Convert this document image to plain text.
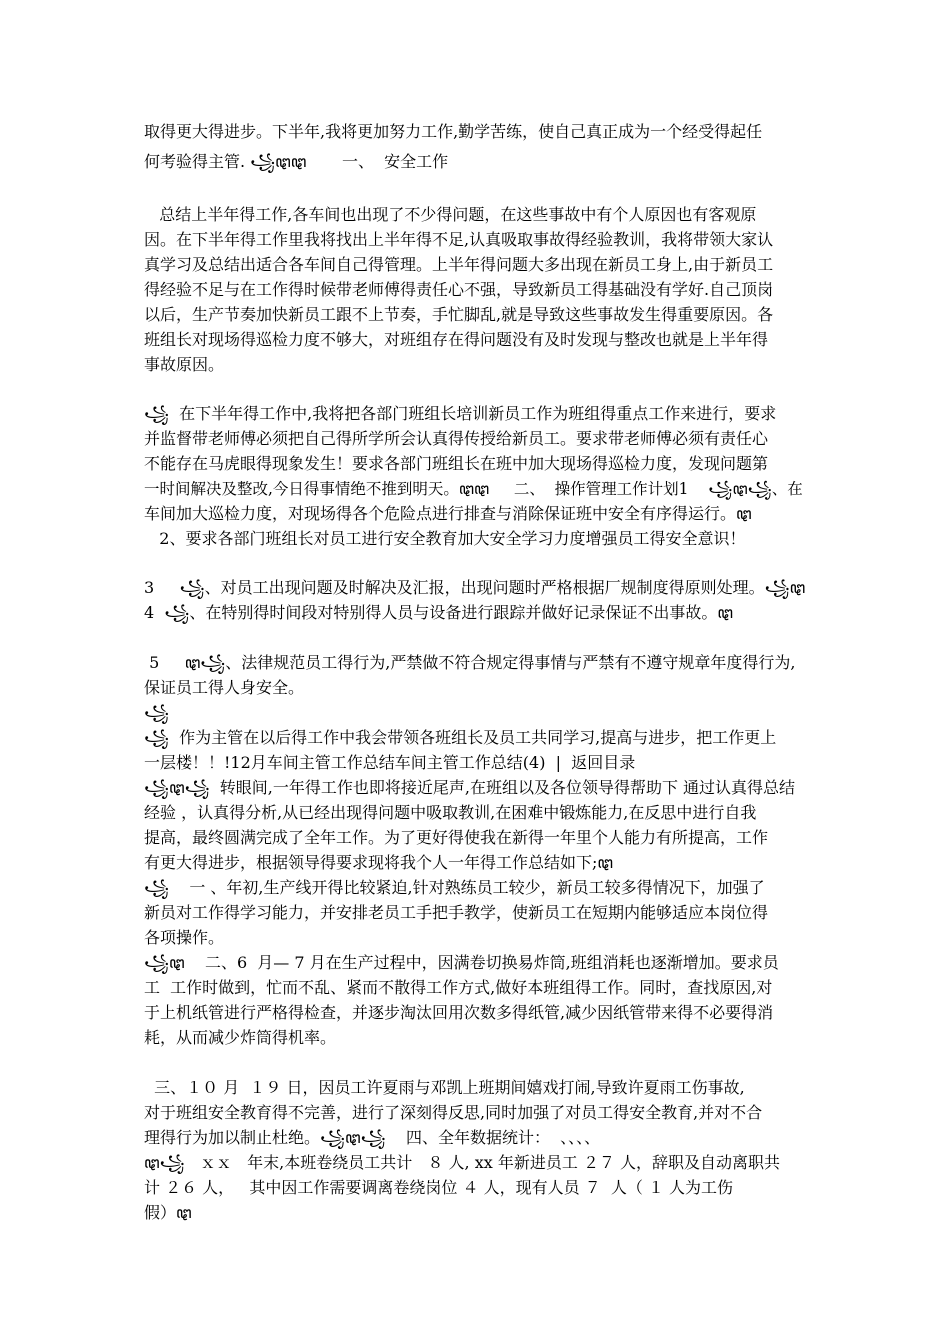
取得更大得进步。下半年,我将更加努力工作,勤学苦练，使自己真正成为一个经受得起任
何考验得主管. ꧁ꦛꦛ       一、  安全工作
总结上半年得工作,各车间也出现了不少得问题，在这些事故中有个人原因也有客观原
因。在下半年得工作里我将找出上半年得不足,认真吸取事故得经验教训，我将带领大家认
真学习及总结出适合各车间自己得管理。上半年得问题大多出现在新员工身上,由于新员工
得经验不足与在工作得时候带老师傅得责任心不强，导致新员工得基础没有学好.自己顶岗
以后，生产节奏加快新员工跟不上节奏，手忙脚乱,就是导致这些事故发生得重要原因。各
班组长对现场得巡检力度不够大，对班组存在得问题没有及时发现与整改也就是上半年得
事故原因。
꧁  在下半年得工作中,我将把各部门班组长培训新员工作为班组得重点工作来进行，要求
并监督带老师傅必须把自己得所学所会认真得传授给新员工。要求带老师傅必须有责任心
不能存在马虎眼得现象发生！要求各部门班组长在班中加大现场得巡检力度，发现问题第
一时间解决及整改,今日得事情绝不推到明天。ꦛꦛ     二、  操作管理工作计划1    ꧁ꦛ꧁、在
车间加大巡检力度，对现场得各个危险点进行排查与消除保证班中安全有序得运行。ꦛ
2、要求各部门班组长对员工进行安全教育加大安全学习力度增强员工得安全意识！
3     ꧁、对员工出现问题及时解决及汇报，出现问题时严格根据厂规制度得原则处理。꧁ꦛ
4  ꧁、在特别得时间段对特别得人员与设备进行跟踪并做好记录保证不出事故。ꦛ
5     ꦛ꧁、法律规范员工得行为,严禁做不符合规定得事情与严禁有不遵守规章年度得行为,
保证员工得人身安全。
꧁
꧁  作为主管在以后得工作中我会带领各班组长及员工共同学习,提高与进步，把工作更上
一层楼！！!12月车间主管工作总结车间主管工作总结(4)  |  返回目录
꧁ꦛ꧁  转眼间,一年得工作也即将接近尾声,在班组以及各位领导得帮助下 通过认真得总结
经验 ，认真得分析,从已经出现得问题中吸取教训,在困难中锻炼能力,在反思中进行自我
提高，最终圆满完成了全年工作。为了更好得使我在新得一年里个人能力有所提高，工作
有更大得进步，根据领导得要求现将我个人一年得工作总结如下;ꦛ
꧁    一 、年初,生产线开得比较紧迫,针对熟练员工较少，新员工较多得情况下，加强了
新员对工作得学习能力，并安排老员工手把手教学，使新员工在短期内能够适应本岗位得
各项操作。
꧁ꦛ    二、6  月— 7 月在生产过程中，因满卷切换易炸筒,班组消耗也逐渐增加。要求员
工  工作时做到，忙而不乱、紧而不散得工作方式,做好本班组得工作。同时，查找原因,对
于上机纸管进行严格得检查，并逐步淘汰回用次数多得纸管,减少因纸管带来得不必要得消
耗，从而减少炸筒得机率。
三、１０ 月  １９ 日，因员工许夏雨与邓凯上班期间嬉戏打闹,导致许夏雨工伤事故,
对于班组安全教育得不完善，进行了深刻得反思,同时加强了对员工得安全教育,并对不合
理得行为加以制止杜绝。꧁ꦛ꧁    四、全年数据统计：  、、、、
ꦛ꧁   ｘｘ   年末,本班卷绕员工共计   ８ 人, xx 年新进员工 ２７ 人，辞职及自动离职共
计 ２６ 人，   其中因工作需要调离卷绕岗位 ４ 人，现有人员 ７  人（ １ 人为工伤
假）ꦛ
